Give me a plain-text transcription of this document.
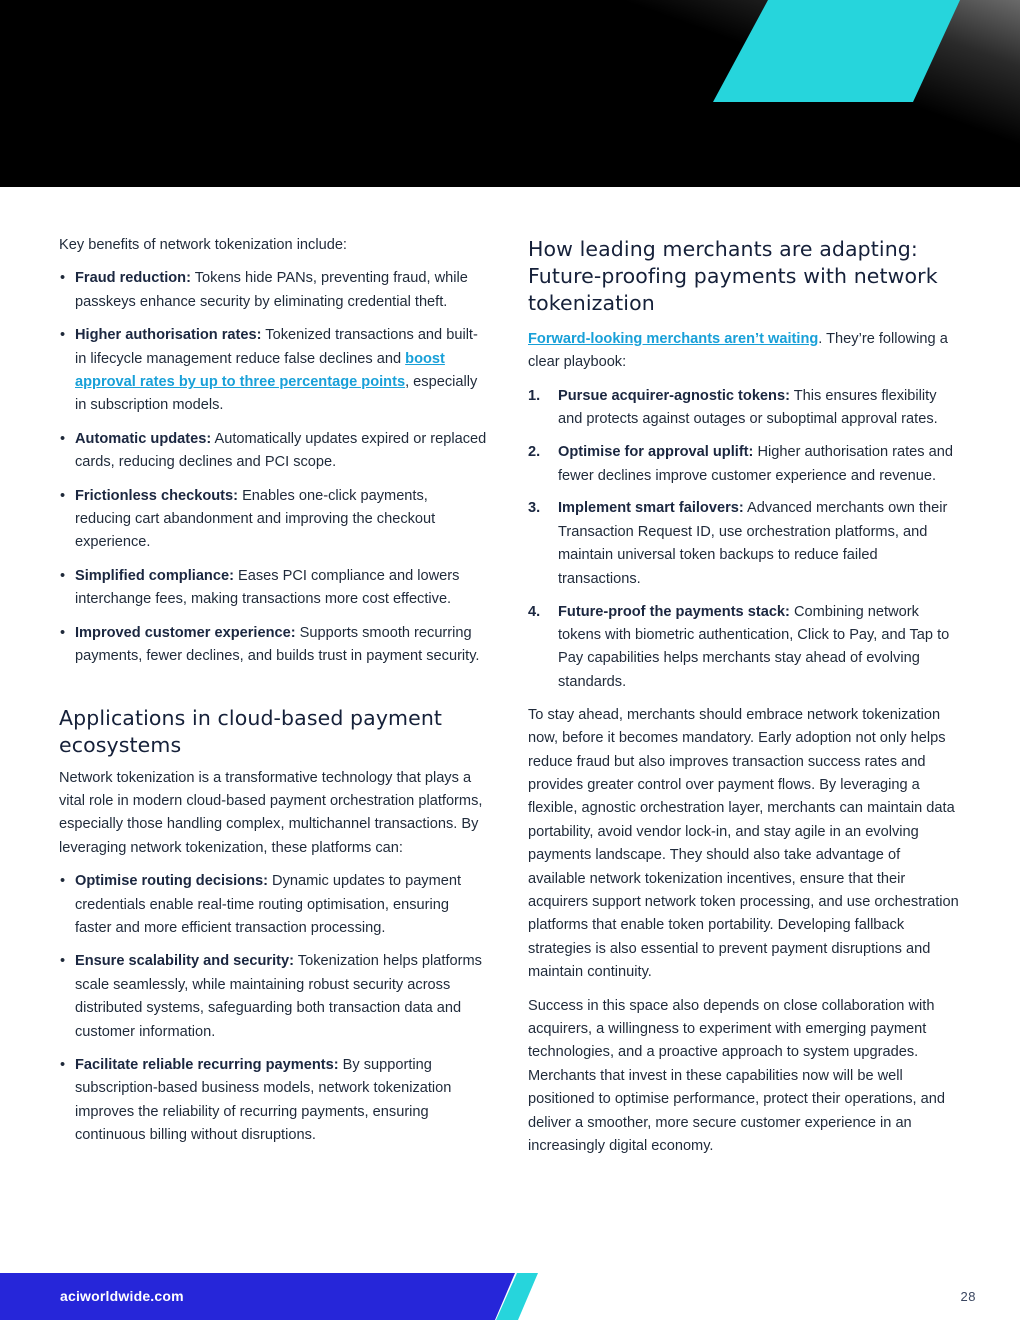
Key benefits of network tokenization include:

• Fraud reduction: Tokens hide PANs, preventing fraud, while passkeys enhance security by eliminating credential theft.
• Higher authorisation rates: Tokenized transactions and built-in lifecycle management reduce false declines and boost approval rates by up to three percentage points, especially in subscription models.
• Automatic updates: Automatically updates expired or replaced cards, reducing declines and PCI scope.
• Frictionless checkouts: Enables one-click payments, reducing cart abandonment and improving the checkout experience.
• Simplified compliance: Eases PCI compliance and lowers interchange fees, making transactions more cost effective.
• Improved customer experience: Supports smooth recurring payments, fewer declines, and builds trust in payment security.
Applications in cloud-based payment ecosystems

Network tokenization is a transformative technology that plays a vital role in modern cloud-based payment orchestration platforms, especially those handling complex, multichannel transactions. By leveraging network tokenization, these platforms can:

• Optimise routing decisions: Dynamic updates to payment credentials enable real-time routing optimisation, ensuring faster and more efficient transaction processing.
• Ensure scalability and security: Tokenization helps platforms scale seamlessly, while maintaining robust security across distributed systems, safeguarding both transaction data and customer information.
• Facilitate reliable recurring payments: By supporting subscription-based business models, network tokenization improves the reliability of recurring payments, ensuring continuous billing without disruptions.
How leading merchants are adapting: Future-proofing payments with network tokenization

Forward-looking merchants aren’t waiting. They’re following a clear playbook:

1. Pursue acquirer-agnostic tokens: This ensures flexibility and protects against outages or suboptimal approval rates.
2. Optimise for approval uplift: Higher authorisation rates and fewer declines improve customer experience and revenue.
3. Implement smart failovers: Advanced merchants own their Transaction Request ID, use orchestration platforms, and maintain universal token backups to reduce failed transactions.
4. Future-proof the payments stack: Combining network tokens with biometric authentication, Click to Pay, and Tap to Pay capabilities helps merchants stay ahead of evolving standards.

To stay ahead, merchants should embrace network tokenization now, before it becomes mandatory. Early adoption not only helps reduce fraud but also improves transaction success rates and provides greater control over payment flows. By leveraging a flexible, agnostic orchestration layer, merchants can maintain data portability, avoid vendor lock-in, and stay agile in an evolving payments landscape. They should also take advantage of available network tokenization incentives, ensure that their acquirers support network token processing, and use orchestration platforms that enable token portability. Developing fallback strategies is also essential to prevent payment disruptions and maintain continuity.

Success in this space also depends on close collaboration with acquirers, a willingness to experiment with emerging payment technologies, and a proactive approach to system upgrades. Merchants that invest in these capabilities now will be well positioned to optimise performance, protect their operations, and deliver a smoother, more secure customer experience in an increasingly digital economy.

aciworldwide.com	28
